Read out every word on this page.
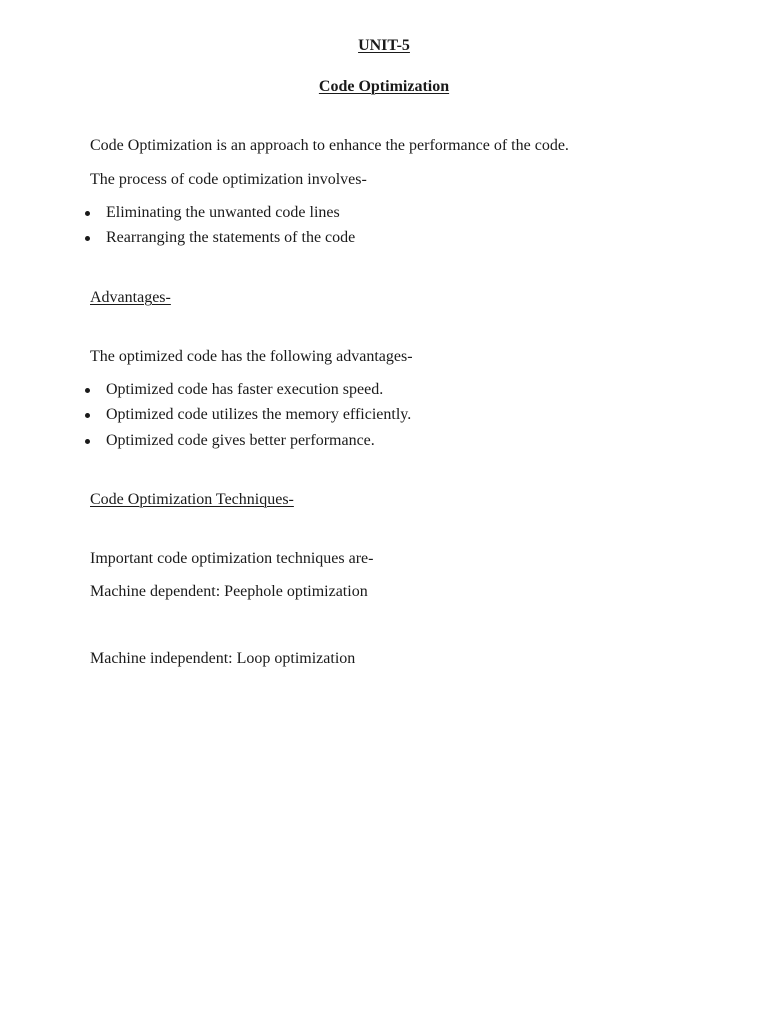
UNIT-5
Code Optimization
Code Optimization is an approach to enhance the performance of the code.
The process of code optimization involves-
Eliminating the unwanted code lines
Rearranging the statements of the code
Advantages-
The optimized code has the following advantages-
Optimized code has faster execution speed.
Optimized code utilizes the memory efficiently.
Optimized code gives better performance.
Code Optimization Techniques-
Important code optimization techniques are-
Machine dependent: Peephole optimization
Machine independent: Loop optimization
